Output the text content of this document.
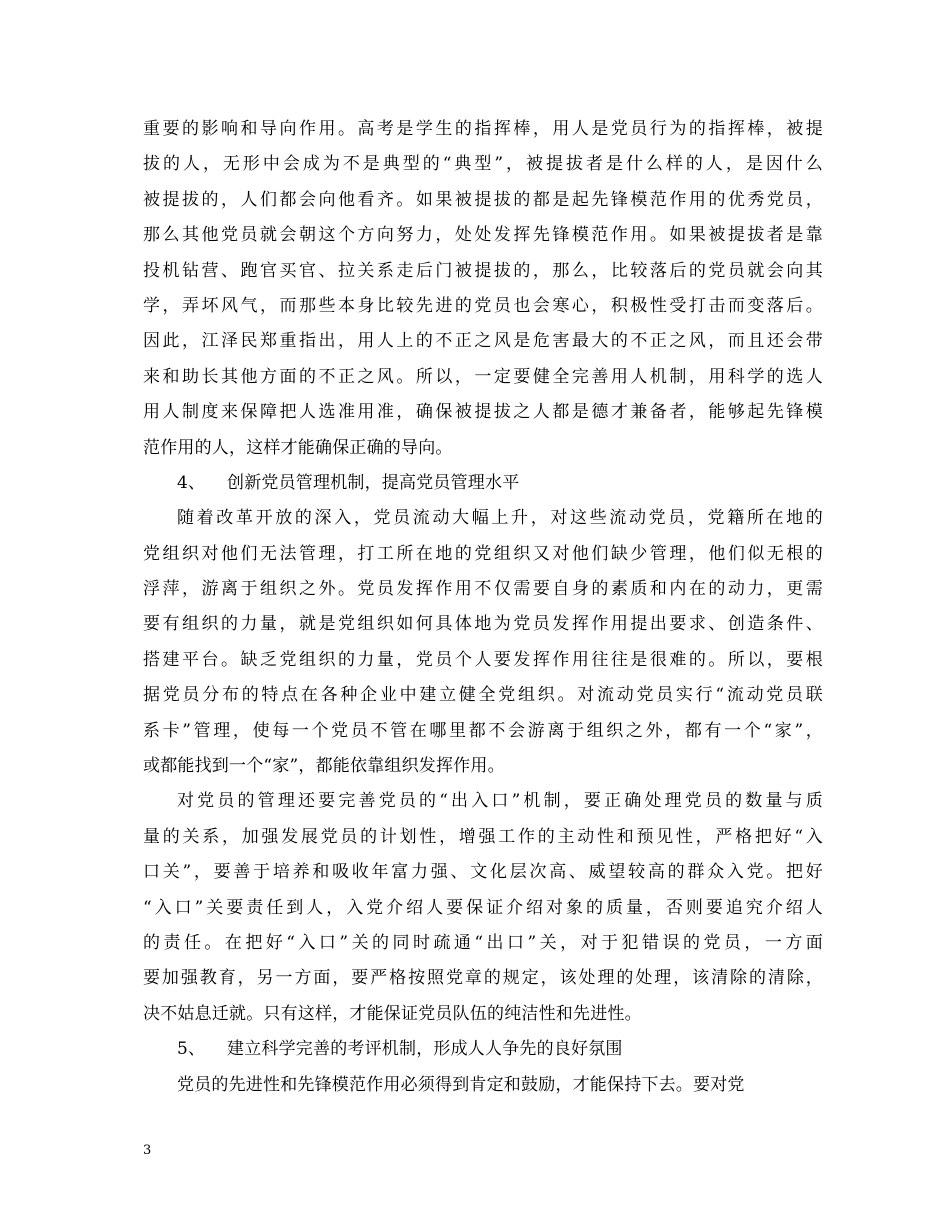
重要的影响和导向作用。高考是学生的指挥棒，用人是党员行为的指挥棒，被提
拔的人，无形中会成为不是典型的“典型”，被提拔者是什么样的人，是因什么
被提拔的，人们都会向他看齐。如果被提拔的都是起先锋模范作用的优秀党员，
那么其他党员就会朝这个方向努力，处处发挥先锋模范作用。如果被提拔者是靠
投机钻营、跑官买官、拉关系走后门被提拔的，那么，比较落后的党员就会向其
学，弄坏风气，而那些本身比较先进的党员也会寒心，积极性受打击而变落后。
因此，江泽民郑重指出，用人上的不正之风是危害最大的不正之风，而且还会带
来和助长其他方面的不正之风。所以，一定要健全完善用人机制，用科学的选人
用人制度来保障把人选准用准，确保被提拔之人都是德才兼备者，能够起先锋模
范作用的人，这样才能确保正确的导向。
4、 创新党员管理机制，提高党员管理水平
随着改革开放的深入，党员流动大幅上升，对这些流动党员，党籍所在地的
党组织对他们无法管理，打工所在地的党组织又对他们缺少管理，他们似无根的
浮萍，游离于组织之外。党员发挥作用不仅需要自身的素质和内在的动力，更需
要有组织的力量，就是党组织如何具体地为党员发挥作用提出要求、创造条件、
搭建平台。缺乏党组织的力量，党员个人要发挥作用往往是很难的。所以，要根
据党员分布的特点在各种企业中建立健全党组织。对流动党员实行“流动党员联
系卡”管理，使每一个党员不管在哪里都不会游离于组织之外，都有一个“家”，
或都能找到一个“家”，都能依靠组织发挥作用。
对党员的管理还要完善党员的“出入口”机制，要正确处理党员的数量与质
量的关系，加强发展党员的计划性，增强工作的主动性和预见性，严格把好“入
口关”，要善于培养和吸收年富力强、文化层次高、威望较高的群众入党。把好
“入口”关要责任到人，入党介绍人要保证介绍对象的质量，否则要追究介绍人
的责任。在把好“入口”关的同时疏通“出口”关，对于犯错误的党员，一方面
要加强教育，另一方面，要严格按照党章的规定，该处理的处理，该清除的清除，
决不姑息迁就。只有这样，才能保证党员队伍的纯洁性和先进性。
5、 建立科学完善的考评机制，形成人人争先的良好氛围
党员的先进性和先锋模范作用必须得到肯定和鼓励，才能保持下去。要对党
3
